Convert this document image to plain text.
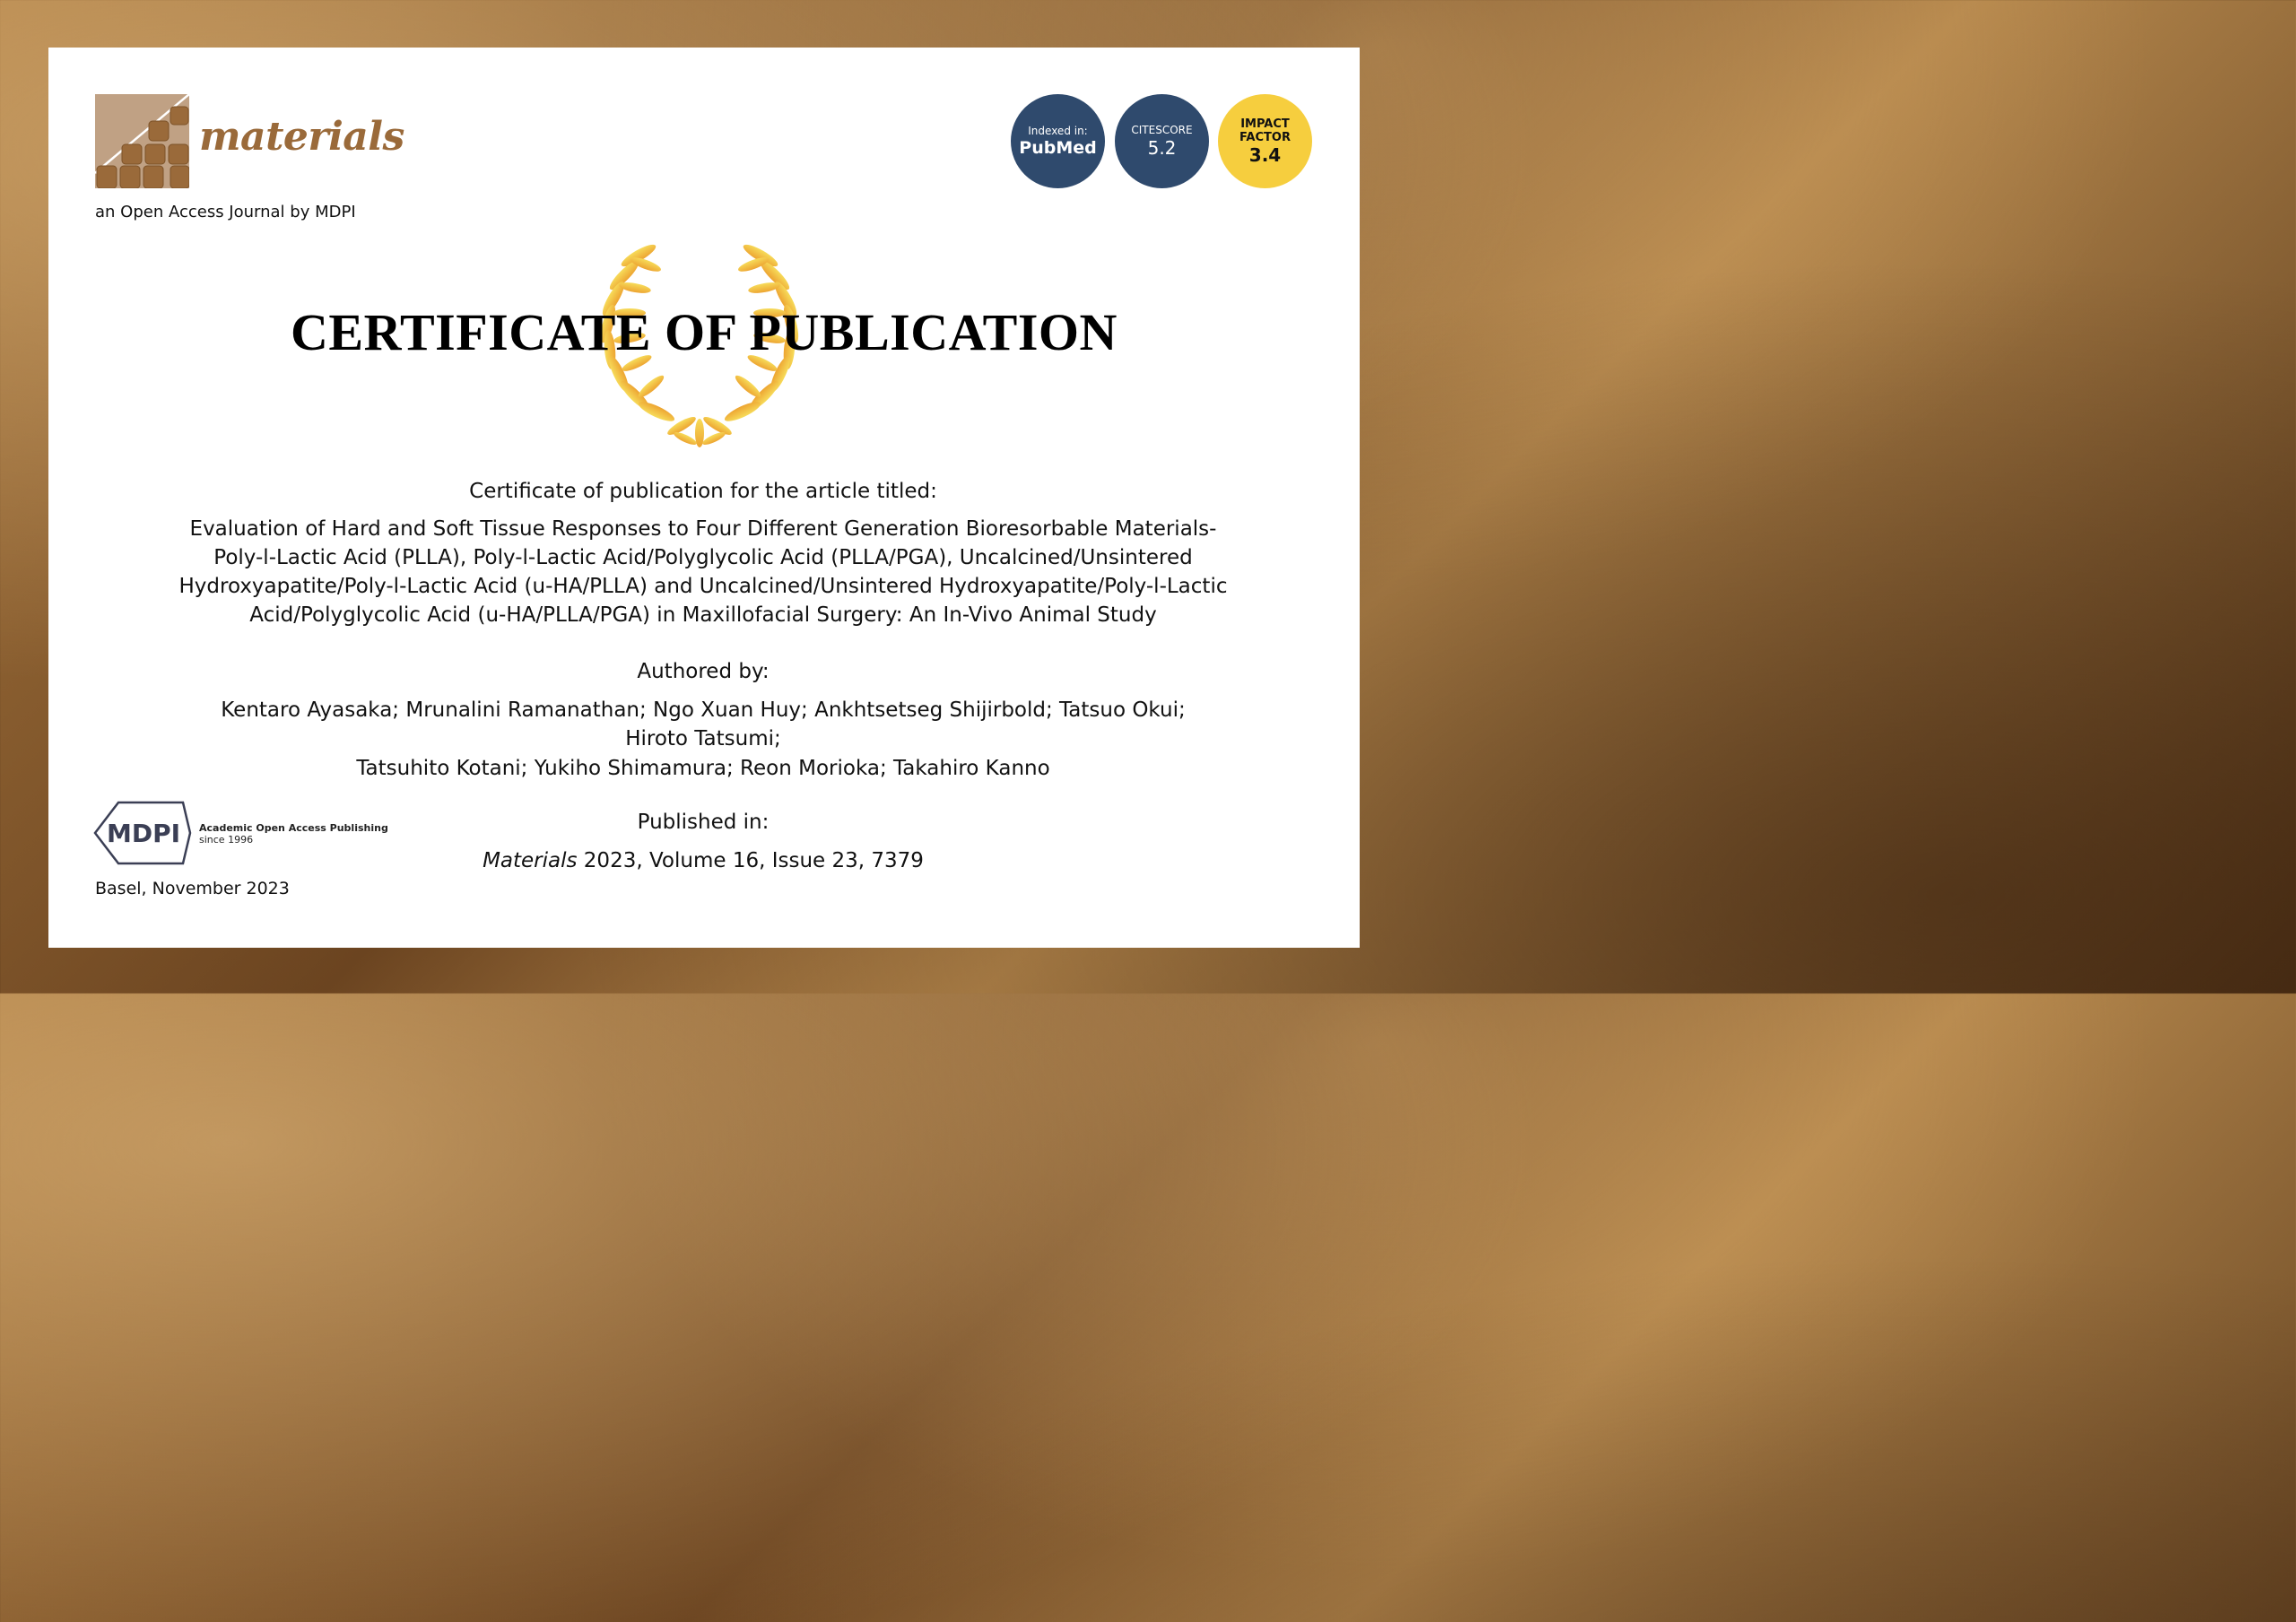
materials
an Open Access Journal by MDPI
Indexed in:
PubMed
CITESCORE
5.2
IMPACT
FACTOR
3.4
CERTIFICATE OF PUBLICATION
Certificate of publication for the article titled:
Evaluation of Hard and Soft Tissue Responses to Four Different Generation Bioresorbable Materials-Poly-l-Lactic Acid (PLLA), Poly-l-Lactic Acid/Polyglycolic Acid (PLLA/PGA), Uncalcined/Unsintered Hydroxyapatite/Poly-l-Lactic Acid (u-HA/PLLA) and Uncalcined/Unsintered Hydroxyapatite/Poly-l-Lactic Acid/Polyglycolic Acid (u-HA/PLLA/PGA) in Maxillofacial Surgery: An In-Vivo Animal Study
Authored by:
Kentaro Ayasaka; Mrunalini Ramanathan; Ngo Xuan Huy; Ankhtsetseg Shijirbold; Tatsuo Okui; Hiroto Tatsumi;
Tatsuhito Kotani; Yukiho Shimamura; Reon Morioka; Takahiro Kanno
Published in:
Materials 2023, Volume 16, Issue 23, 7379
MDPI Academic Open Access Publishing
since 1996
Basel, November 2023
